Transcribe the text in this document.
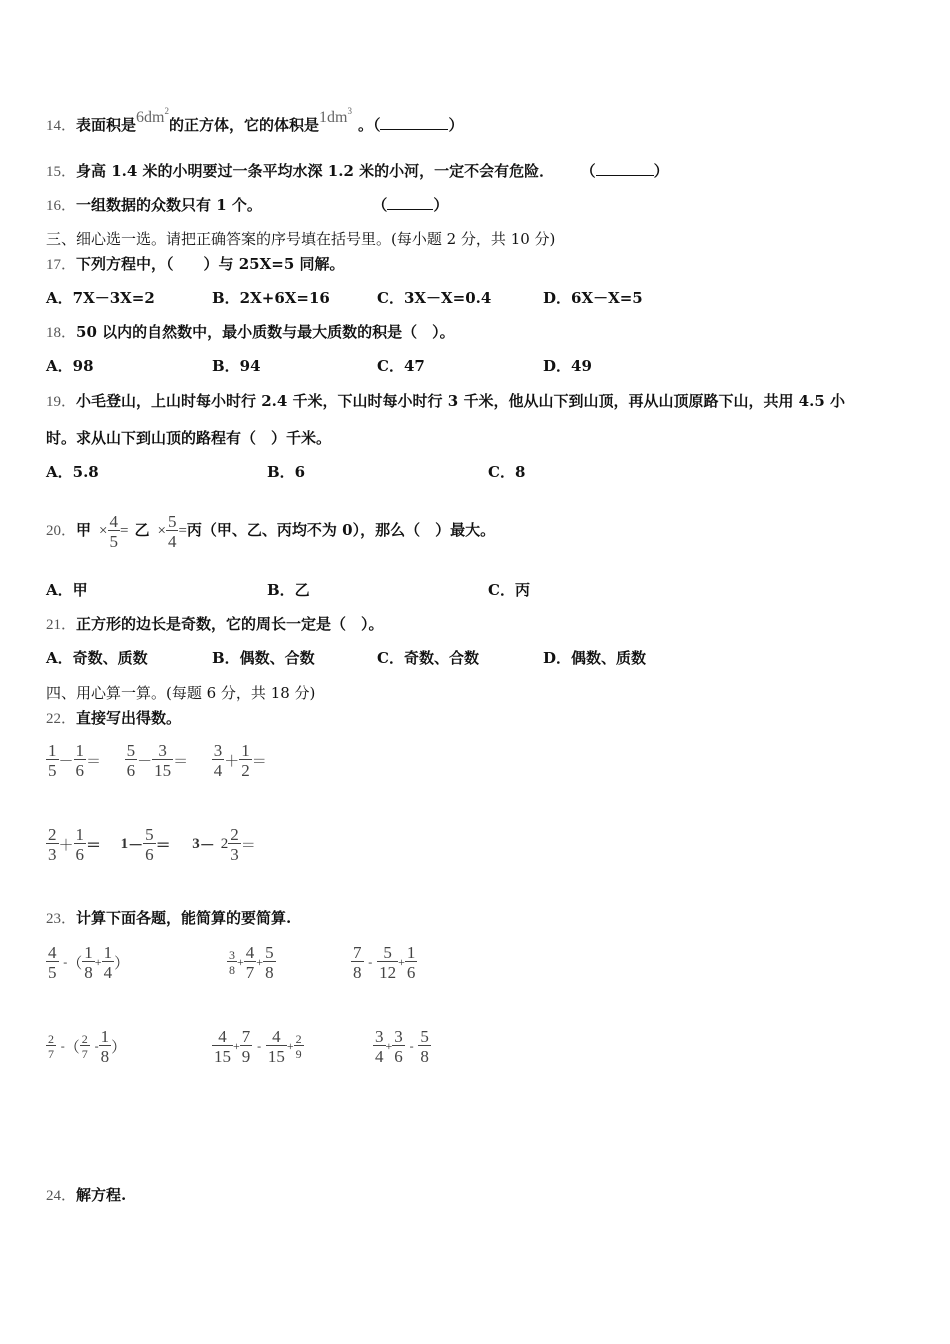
14．表面积是$6dm^2$的正方体，它的体积是$1dm^3$。（	）
15．身高 1.4 米的小明要过一条平均水深 1.2 米的小河，一定不会有危险． （	）
16．一组数据的众数只有 1 个。	（	）
三、细心选一选。请把正确答案的序号填在括号里。(每小题 2 分，共 10 分)
17．下列方程中，（　　）与 25X=5 同解。
A．7X－3X=2	B．2X+6X=16	C．3X－X=0.4	D．6X－X=5
18．50 以内的自然数中，最小质数与最大质数的积是（　）。
A．98	B．94	C．47	D．49
19．小毛登山，上山时每小时行 2.4 千米，下山时每小时行 3 千米，他从山下到山顶，再从山顶原路下山，共用 4.5 小
时。求从山下到山顶的路程有（　）千米。
A．5.8	B．6	C．8
20．甲 × $\frac{4}{5}$ = 乙 × $\frac{5}{4}$ =丙（甲、乙、丙均不为 0），那么（　）最大。
A．甲	B．乙	C．丙
21．正方形的边长是奇数，它的周长一定是（　）。
A．奇数、质数	B．偶数、合数	C．奇数、合数	D．偶数、质数
四、用心算一算。(每题 6 分，共 18 分)
22．直接写出得数。
$\frac{1}{5} - \frac{1}{6} = \frac{5}{6} - \frac{3}{15} = \frac{3}{4} + \frac{1}{2}$ ＝
$\frac{2}{3} + \frac{1}{6} = 1- \frac{5}{6} = 3- 2 \frac{2}{3}$ ＝
23．计算下面各题，能简算的要简算.
$\frac{4}{5}$ -（ $\frac{1}{8} + \frac{1}{4}$ ）	$\frac{3}{8} + \frac{4}{7} + \frac{5}{8}$	$\frac{7}{8} - \frac{5}{12} + \frac{1}{6}$
$\frac{2}{7}$ -（ $\frac{2}{7} - \frac{1}{8}$ ）	$\frac{4}{15} + \frac{7}{9} - \frac{4}{15} + \frac{2}{9}$	$\frac{3}{4} + \frac{3}{6} - \frac{5}{8}$
24．解方程.
